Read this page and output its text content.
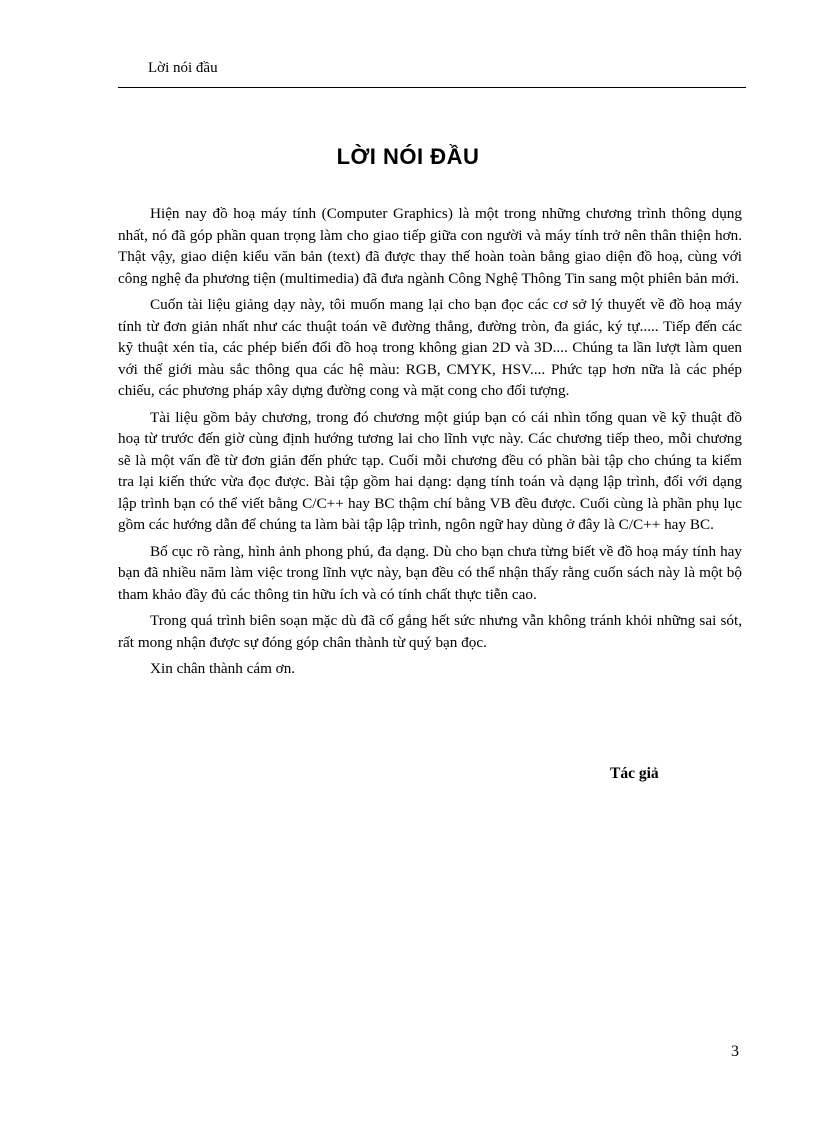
Lời nói đầu
LỜI NÓI ĐẦU

Hiện nay đồ hoạ máy tính (Computer Graphics) là một trong những chương trình thông dụng nhất, nó đã góp phần quan trọng làm cho giao tiếp giữa con người và máy tính trở nên thân thiện hơn. Thật vậy, giao diện kiểu văn bản (text) đã được thay thế hoàn toàn bằng giao diện đồ hoạ, cùng với công nghệ đa phương tiện (multimedia) đã đưa ngành Công Nghệ Thông Tin sang một phiên bản mới.

Cuốn tài liệu giảng dạy này, tôi muốn mang lại cho bạn đọc các cơ sở lý thuyết về đồ hoạ máy tính từ đơn giản nhất như các thuật toán vẽ đường thẳng, đường tròn, đa giác, ký tự..... Tiếp đến các kỹ thuật xén tỉa, các phép biến đổi đồ hoạ trong không gian 2D và 3D.... Chúng ta lần lượt làm quen với thế giới màu sắc thông qua các hệ màu: RGB, CMYK, HSV.... Phức tạp hơn nữa là các phép chiếu, các phương pháp xây dựng đường cong và mặt cong cho đối tượng.

Tài liệu gồm bảy chương, trong đó chương một giúp bạn có cái nhìn tổng quan về kỹ thuật đồ hoạ từ trước đến giờ cùng định hướng tương lai cho lĩnh vực này. Các chương tiếp theo, mỗi chương sẽ là một vấn đề từ đơn giản đến phức tạp. Cuối mỗi chương đều có phần bài tập cho chúng ta kiểm tra lại kiến thức vừa đọc được. Bài tập gồm hai dạng: dạng tính toán và dạng lập trình, đối với dạng lập trình bạn có thể viết bằng C/C++ hay BC thậm chí bằng VB đều được. Cuối cùng là phần phụ lục gồm các hướng dẫn để chúng ta làm bài tập lập trình, ngôn ngữ hay dùng ở đây là C/C++ hay BC.

Bố cục rõ ràng, hình ảnh phong phú, đa dạng. Dù cho bạn chưa từng biết về đồ hoạ máy tính hay bạn đã nhiều năm làm việc trong lĩnh vực này, bạn đều có thể nhận thấy rằng cuốn sách này là một bộ tham khảo đầy đủ các thông tin hữu ích và có tính chất thực tiễn cao.

Trong quá trình biên soạn mặc dù đã cố gắng hết sức nhưng vẫn không tránh khỏi những sai sót, rất mong nhận được sự đóng góp chân thành từ quý bạn đọc.

Xin chân thành cám ơn.

Tác giả
3
